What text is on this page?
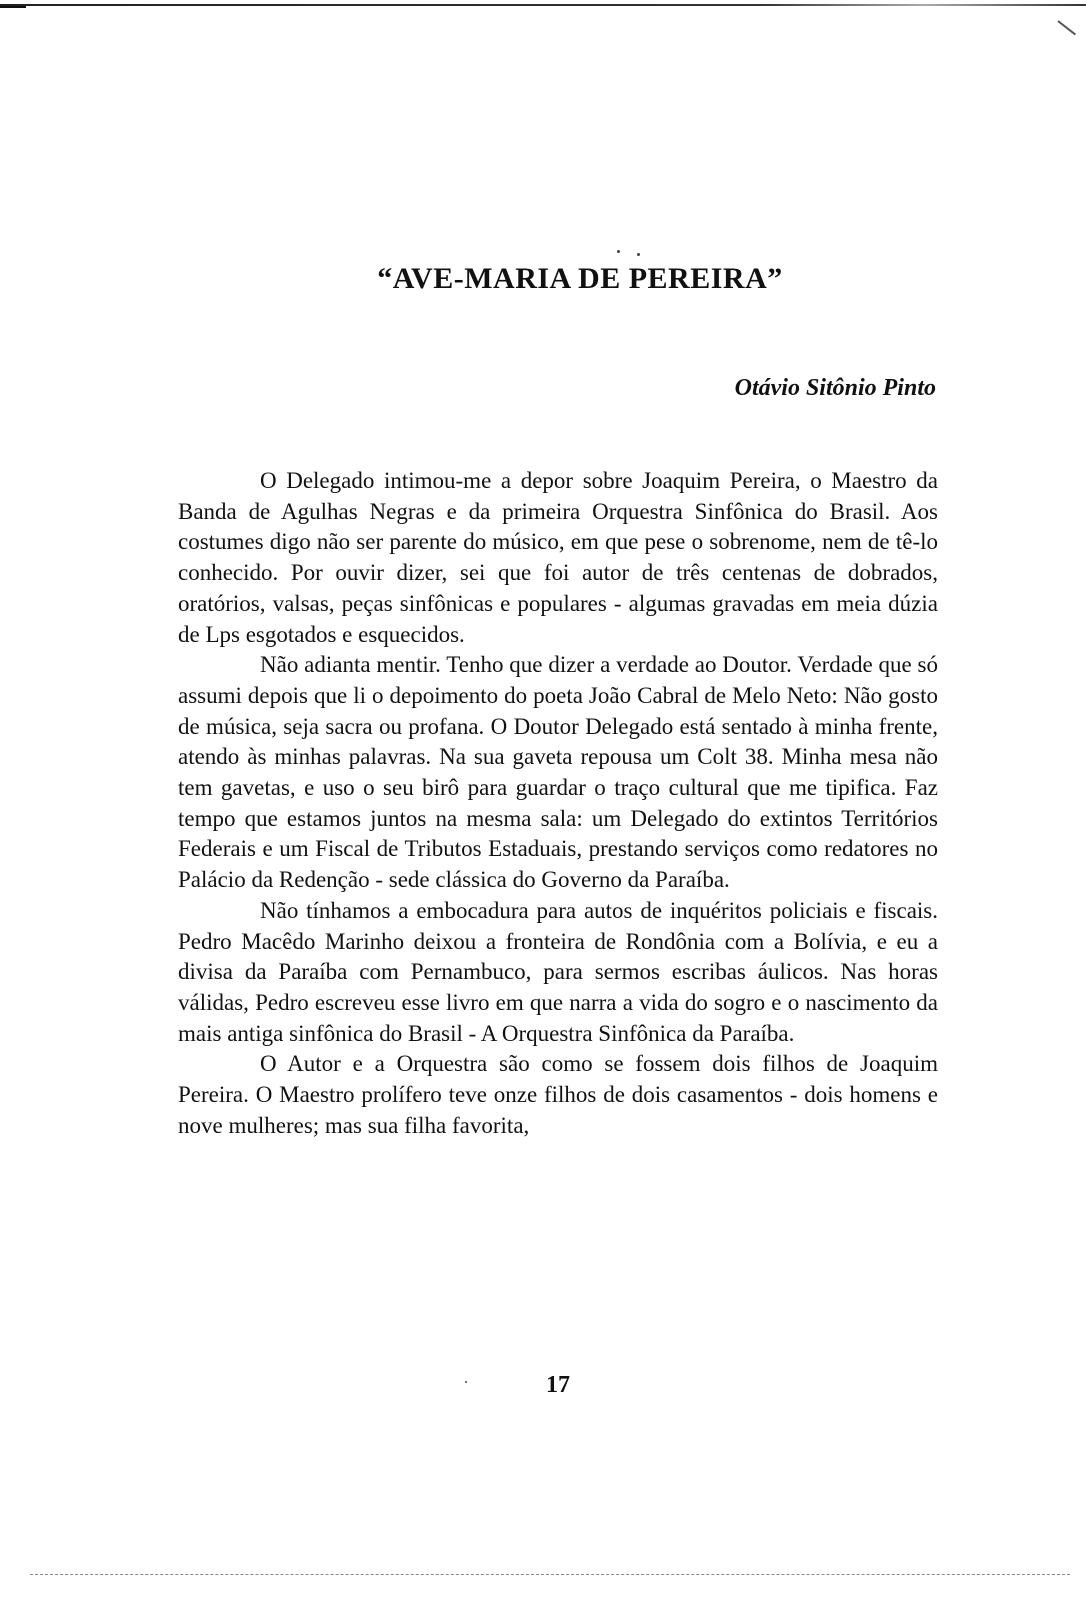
“AVE-MARIA DE PEREIRA”
Otávio Sitônio Pinto

O Delegado intimou-me a depor sobre Joaquim Pereira, o Maestro da Banda de Agulhas Negras e da primeira Orquestra Sinfônica do Brasil. Aos costumes digo não ser parente do músico, em que pese o sobrenome, nem de tê-lo conhecido. Por ouvir dizer, sei que foi autor de três centenas de dobrados, oratórios, valsas, peças sinfônicas e populares - algumas gravadas em meia dúzia de Lps esgotados e esquecidos.

Não adianta mentir. Tenho que dizer a verdade ao Doutor. Verdade que só assumi depois que li o depoimento do poeta João Cabral de Melo Neto: Não gosto de música, seja sacra ou profana. O Doutor Delegado está sentado à minha frente, atendo às minhas palavras. Na sua gaveta repousa um Colt 38. Minha mesa não tem gavetas, e uso o seu birô para guardar o traço cultural que me tipifica. Faz tempo que estamos juntos na mesma sala: um Delegado do extintos Territórios Federais e um Fiscal de Tributos Estaduais, prestando serviços como redatores no Palácio da Redenção - sede clássica do Governo da Paraíba.

Não tínhamos a embocadura para autos de inquéritos policiais e fiscais. Pedro Macêdo Marinho deixou a fronteira de Rondônia com a Bolívia, e eu a divisa da Paraíba com Pernambuco, para sermos escribas áulicos. Nas horas válidas, Pedro escreveu esse livro em que narra a vida do sogro e o nascimento da mais antiga sinfônica do Brasil - A Orquestra Sinfônica da Paraíba.

O Autor e a Orquestra são como se fossem dois filhos de Joaquim Pereira. O Maestro prolífero teve onze filhos de dois casamentos - dois homens e nove mulheres; mas sua filha favorita,

17
